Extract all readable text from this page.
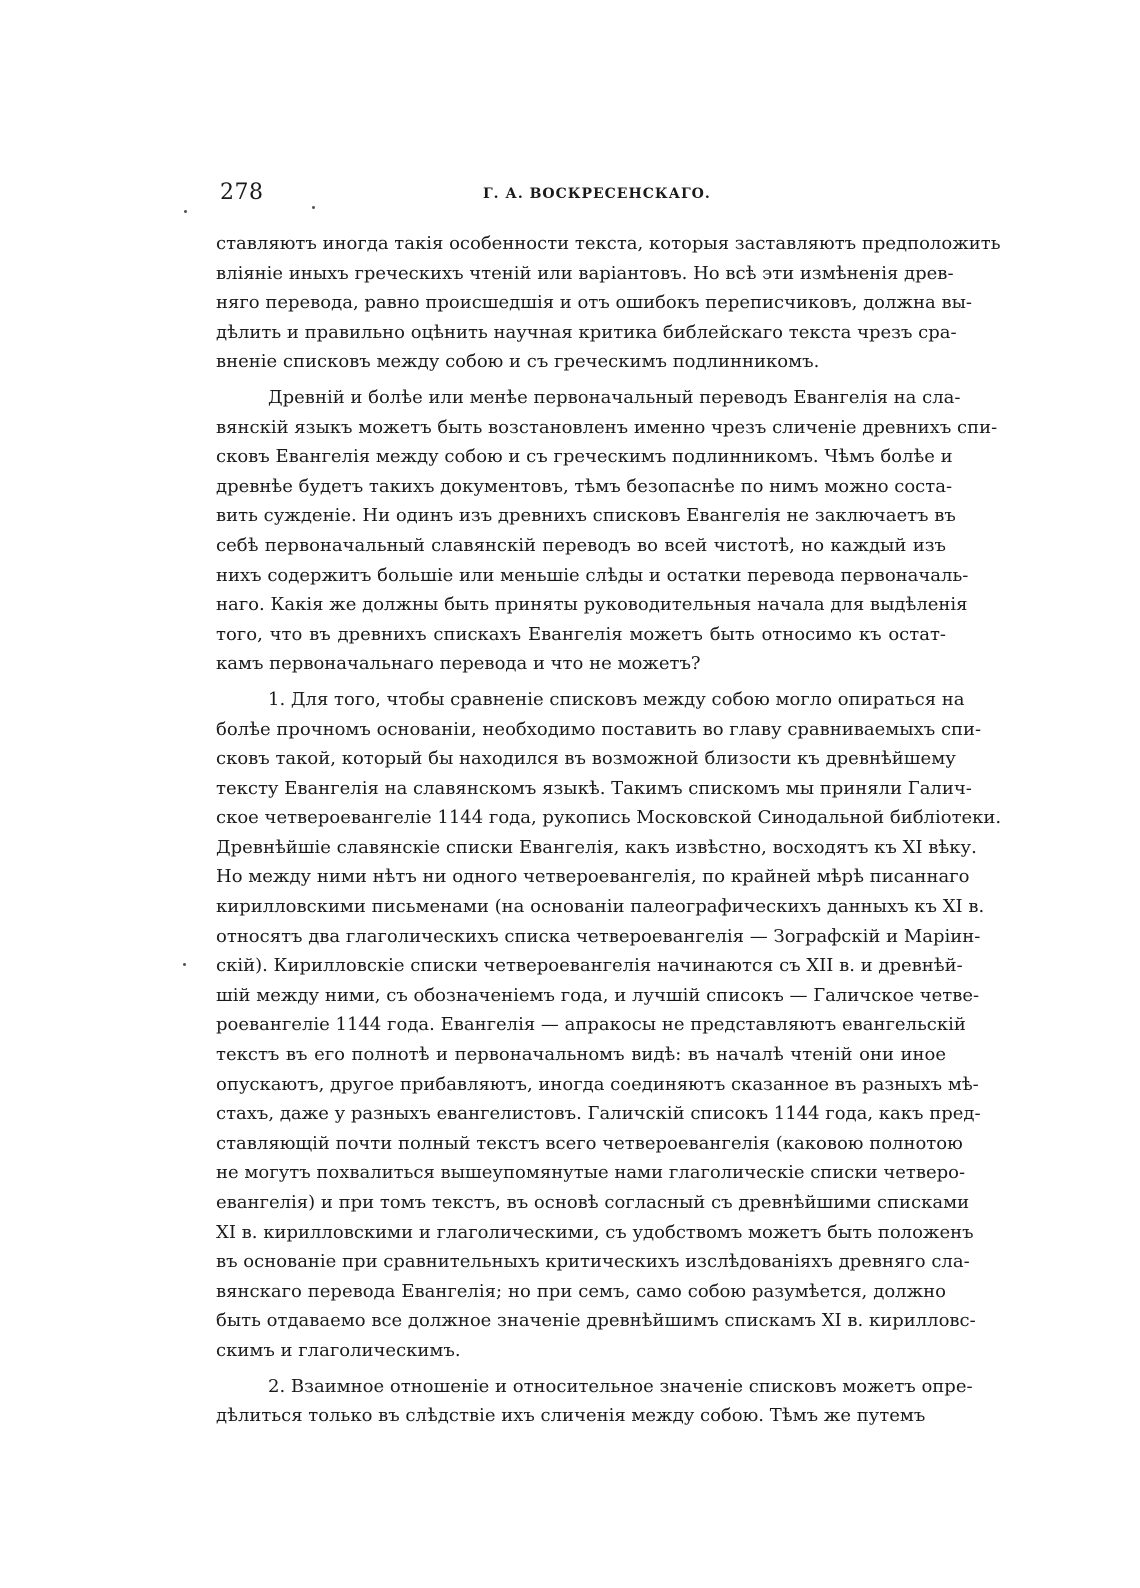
278	Г. А. ВОСКРЕСЕНСКАГО.
ставляютъ иногда такія особенности текста, которыя заставляютъ предположить
вліяніе иныхъ греческихъ чтеній или варіантовъ. Но всѣ эти измѣненія древ-
няго перевода, равно происшедшія и отъ ошибокъ переписчиковъ, должна вы-
дѣлить и правильно оцѣнить научная критика библейскаго текста чрезъ сра-
вненіе списковъ между собою и съ греческимъ подлинникомъ.
Древній и болѣе или менѣе первоначальный переводъ Евангелія на сла-
вянскій языкъ можетъ быть возстановленъ именно чрезъ сличеніе древнихъ спи-
сковъ Евангелія между собою и съ греческимъ подлинникомъ. Чѣмъ болѣе и
древнѣе будетъ такихъ документовъ, тѣмъ безопаснѣе по нимъ можно соста-
вить сужденіе. Ни одинъ изъ древнихъ списковъ Евангелія не заключаетъ въ
себѣ первоначальный славянскій переводъ во всей чистотѣ, но каждый изъ
нихъ содержитъ большіе или меньшіе слѣды и остатки перевода первоначаль-
наго. Какія же должны быть приняты руководительныя начала для выдѣленія
того, что въ древнихъ спискахъ Евангелія можетъ быть относимо къ остат-
камъ первоначальнаго перевода и что не можетъ?
1. Для того, чтобы сравненіе списковъ между собою могло опираться на
болѣе прочномъ основаніи, необходимо поставить во главу сравниваемыхъ спи-
сковъ такой, который бы находился въ возможной близости къ древнѣйшему
тексту Евангелія на славянскомъ языкѣ. Такимъ спискомъ мы приняли Галич-
ское четвероевангеліе 1144 года, рукопись Московской Синодальной библіотеки.
Древнѣйшіе славянскіе списки Евангелія, какъ извѣстно, восходятъ къ XI вѣку.
Но между ними нѣтъ ни одного четвероевангелія, по крайней мѣрѣ писаннаго
кирилловскими письменами (на основаніи палеографическихъ данныхъ къ XI в.
относятъ два глаголическихъ списка четвероевангелія — Зографскій и Маріин-
скій). Кирилловскіе списки четвероевангелія начинаются съ XII в. и древнѣй-
шій между ними, съ обозначеніемъ года, и лучшій списокъ — Галичское четве-
роевангеліе 1144 года. Евангелія — апракосы не представляютъ евангельскій
текстъ въ его полнотѣ и первоначальномъ видѣ: въ началѣ чтеній они иное
опускаютъ, другое прибавляютъ, иногда соединяютъ сказанное въ разныхъ мѣ-
стахъ, даже у разныхъ евангелистовъ. Галичскій списокъ 1144 года, какъ пред-
ставляющій почти полный текстъ всего четвероевангелія (каковою полнотою
не могутъ похвалиться вышеупомянутые нами глаголическіе списки четверо-
евангелія) и при томъ текстъ, въ основѣ согласный съ древнѣйшими списками
XI в. кирилловскими и глаголическими, съ удобствомъ можетъ быть положенъ
въ основаніе при сравнительныхъ критическихъ изслѣдованіяхъ древняго сла-
вянскаго перевода Евангелія; но при семъ, само собою разумѣется, должно
быть отдаваемо все должное значеніе древнѣйшимъ спискамъ XI в. кирилловс-
скимъ и глаголическимъ.
2. Взаимное отношеніе и относительное значеніе списковъ можетъ опре-
дѣлиться только въ слѣдствіе ихъ сличенія между собою. Тѣмъ же путемъ
